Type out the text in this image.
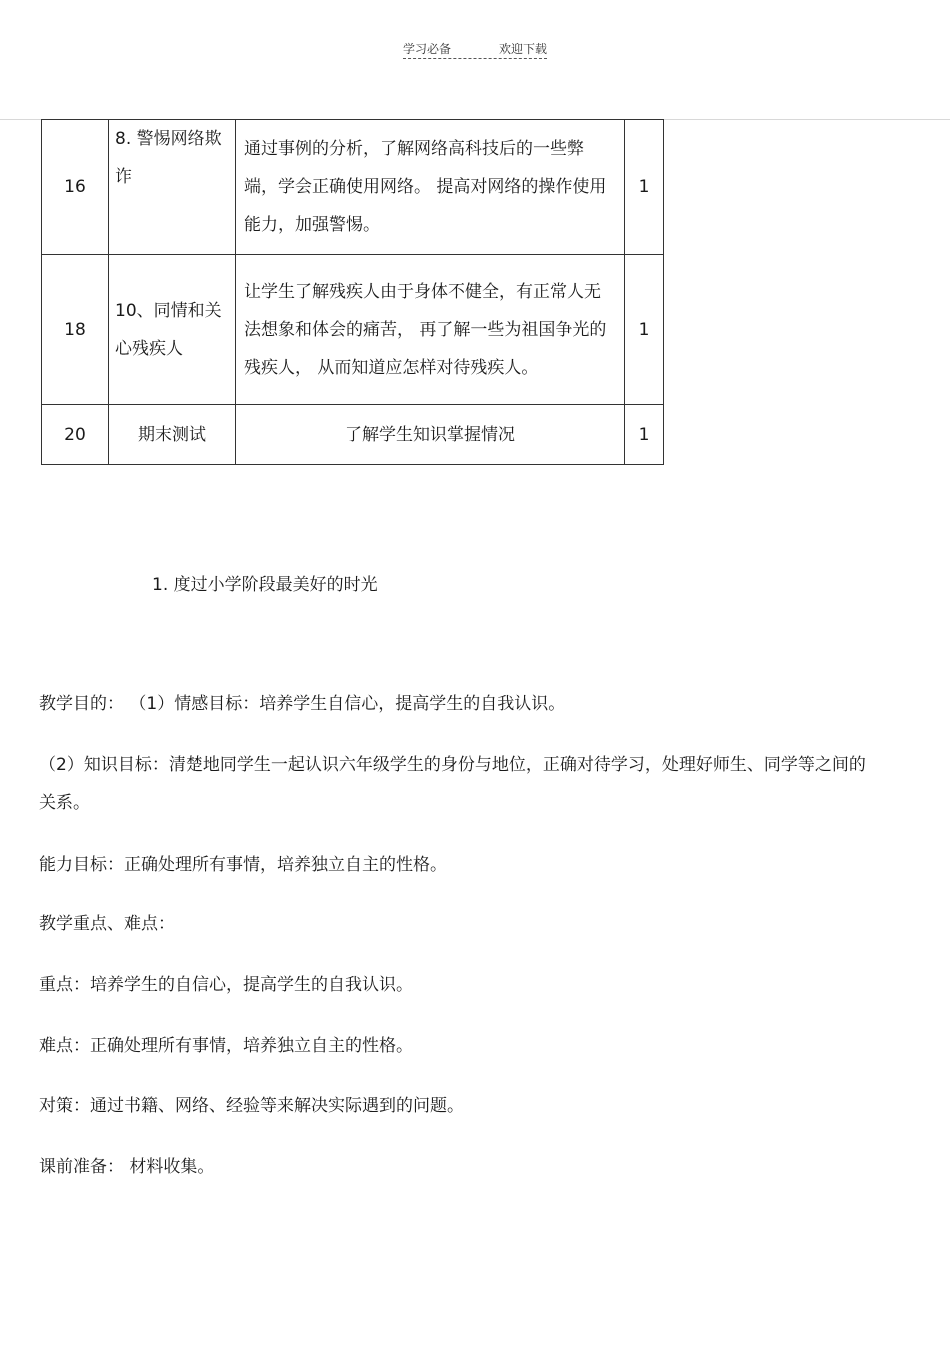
学习必备	欢迎下载
16	8. 警惕网络欺诈	通过事例的分析，了解网络高科技后的一些弊端，学会正确使用网络。 提高对网络的操作使用能力，加强警惕。	1
18	10、同情和关心残疾人	让学生了解残疾人由于身体不健全，有正常人无法想象和体会的痛苦， 再了解一些为祖国争光的残疾人， 从而知道应怎样对待残疾人。	1
20	期末测试	了解学生知识掌握情况	1
1. 度过小学阶段最美好的时光
教学目的： （1）情感目标：培养学生自信心，提高学生的自我认识。
（2）知识目标：清楚地同学生一起认识六年级学生的身份与地位，正确对待学习，处理好师生、同学等之间的关系。
能力目标：正确处理所有事情，培养独立自主的性格。
教学重点、难点：
重点：培养学生的自信心，提高学生的自我认识。
难点：正确处理所有事情，培养独立自主的性格。
对策：通过书籍、网络、经验等来解决实际遇到的问题。
课前准备： 材料收集。
